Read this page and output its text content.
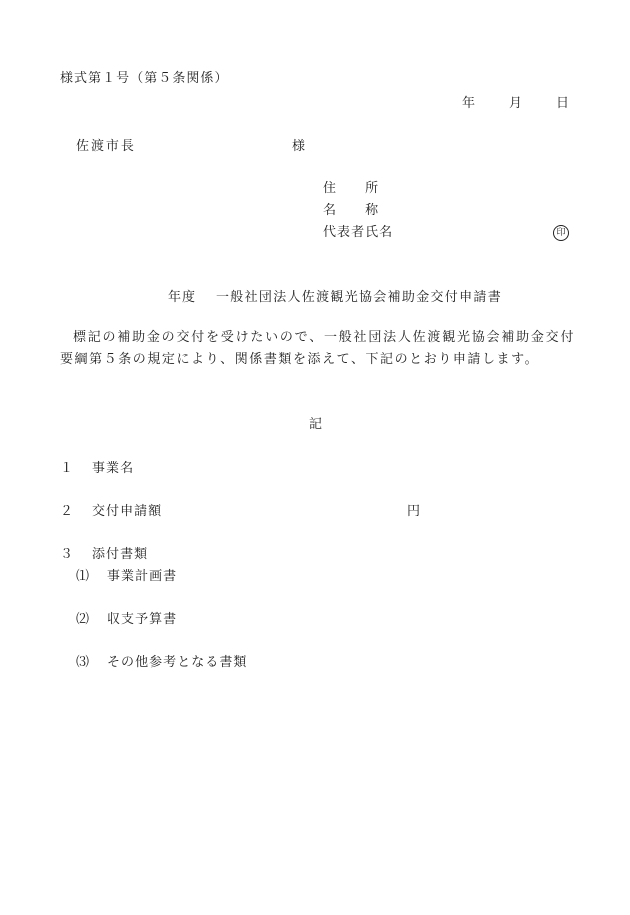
様式第１号（第５条関係）
年	月	日
佐渡市長	様
住　　所
名　　称
代表者氏名	印
年度 一般社団法人佐渡観光協会補助金交付申請書
標記の補助金の交付を受けたいので、一般社団法人佐渡観光協会補助金交付要綱第５条の規定により、関係書類を添えて、下記のとおり申請します。
記
１ 事業名
２ 交付申請額	円
３ 添付書類
⑴ 事業計画書
⑵ 収支予算書
⑶ その他参考となる書類
